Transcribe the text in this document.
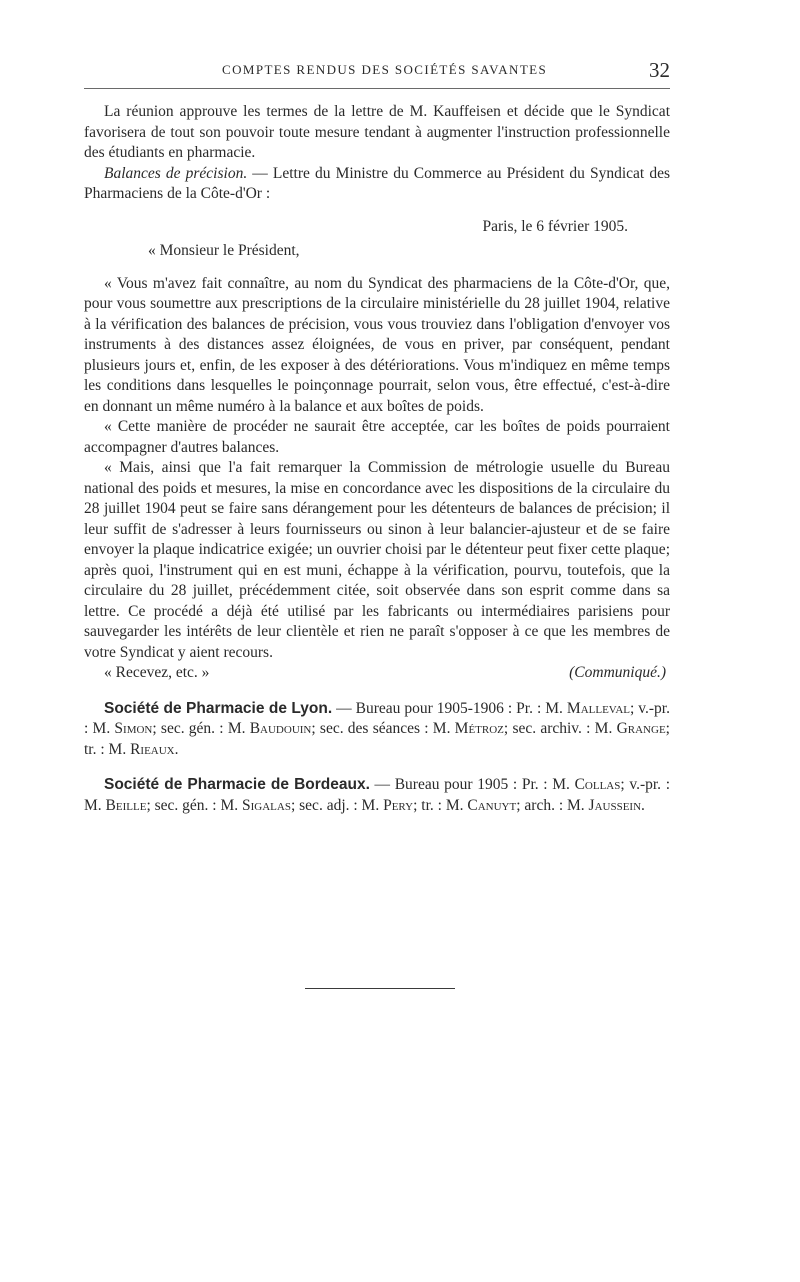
COMPTES RENDUS DES SOCIÉTÉS SAVANTES	32

La réunion approuve les termes de la lettre de M. Kauffeisen et décide que le Syndicat favorisera de tout son pouvoir toute mesure tendant à augmenter l'instruction professionnelle des étudiants en pharmacie.

Balances de précision. — Lettre du Ministre du Commerce au Président du Syndicat des Pharmaciens de la Côte-d'Or :

Paris, le 6 février 1905.

« Monsieur le Président,

« Vous m'avez fait connaître, au nom du Syndicat des pharmaciens de la Côte-d'Or, que, pour vous soumettre aux prescriptions de la circulaire ministérielle du 28 juillet 1904, relative à la vérification des balances de précision, vous vous trouviez dans l'obligation d'envoyer vos instruments à des distances assez éloignées, de vous en priver, par conséquent, pendant plusieurs jours et, enfin, de les exposer à des détériorations. Vous m'indiquez en même temps les conditions dans lesquelles le poinçonnage pourrait, selon vous, être effectué, c'est-à-dire en donnant un même numéro à la balance et aux boîtes de poids.

« Cette manière de procéder ne saurait être acceptée, car les boîtes de poids pourraient accompagner d'autres balances.

« Mais, ainsi que l'a fait remarquer la Commission de métrologie usuelle du Bureau national des poids et mesures, la mise en concordance avec les dispositions de la circulaire du 28 juillet 1904 peut se faire sans dérangement pour les détenteurs de balances de précision; il leur suffit de s'adresser à leurs fournisseurs ou sinon à leur balancier-ajusteur et de se faire envoyer la plaque indicatrice exigée; un ouvrier choisi par le détenteur peut fixer cette plaque; après quoi, l'instrument qui en est muni, échappe à la vérification, pourvu, toutefois, que la circulaire du 28 juillet, précédemment citée, soit observée dans son esprit comme dans sa lettre. Ce procédé a déjà été utilisé par les fabricants ou intermédiaires parisiens pour sauvegarder les intérêts de leur clientèle et rien ne paraît s'opposer à ce que les membres de votre Syndicat y aient recours.

« Recevez, etc. »	(Communiqué.)

Société de Pharmacie de Lyon. — Bureau pour 1905-1906 : Pr. : M. Malleval; v.-pr. : M. Simon; sec. gén. : M. Baudouin; sec. des séances : M. Métroz; sec. archiv. : M. Grange; tr. : M. Rieaux.

Société de Pharmacie de Bordeaux. — Bureau pour 1905 : Pr. : M. Collas; v.-pr. : M. Beille; sec. gén. : M. Sigalas; sec. adj. : M. Pery; tr. : M. Canuyt; arch. : M. Jaussein.
